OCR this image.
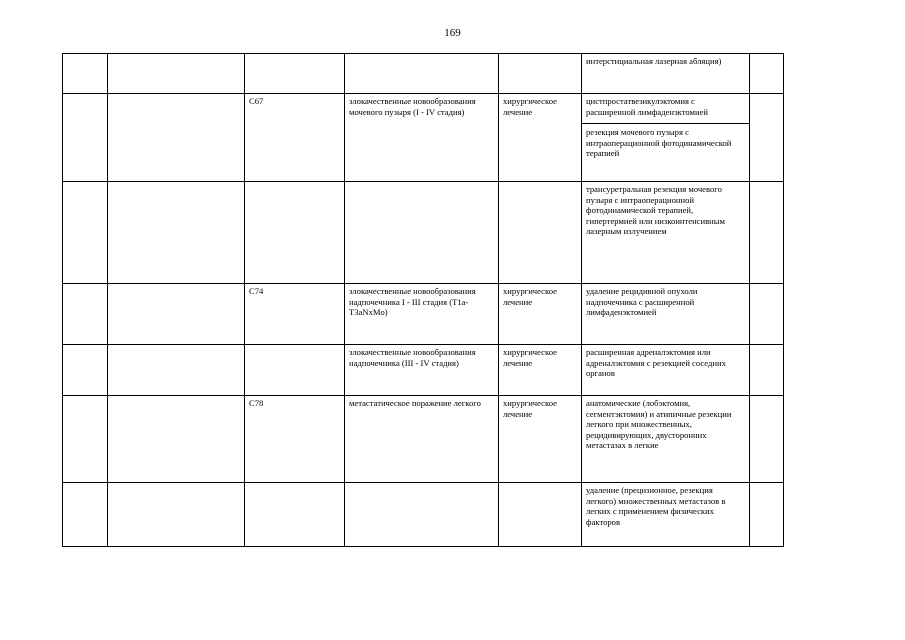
169

					интерстициальная лазерная абляция)	

		C67	злокачественные новообразования мочевого пузыря (I - IV стадия)	хирургическое лечение	цистпростатвезикулэктомия с расширенной лимфаденэктомией
резекция мочевого пузыря с интраоперационной фотодинамической терапией	

					трансуретральная резекция мочевого пузыря с интраоперационной фотодинамической терапией, гипертермией или низкоинтенсивным лазерным излучением	

		C74	злокачественные новообразования надпочечника I - III стадия (T1a-T3aNxMo)	хирургическое лечение	удаление рецидивной опухоли надпочечника с расширенной лимфаденэктомией	

			злокачественные новообразования надпочечника (III - IV стадия)	хирургическое лечение	расширенная адреналэктомия или адреналэктомия с резекцией соседних органов	

		C78	метастатическое поражение легкого	хирургическое лечение	анатомические (лобэктомия, сегментэктомия) и атипичные резекции легкого при множественных, рецидивирующих, двусторонних метастазах в легкие	

					удаление (прецизионное, резекция легкого) множественных метастазов в легких с применением физических факторов	
